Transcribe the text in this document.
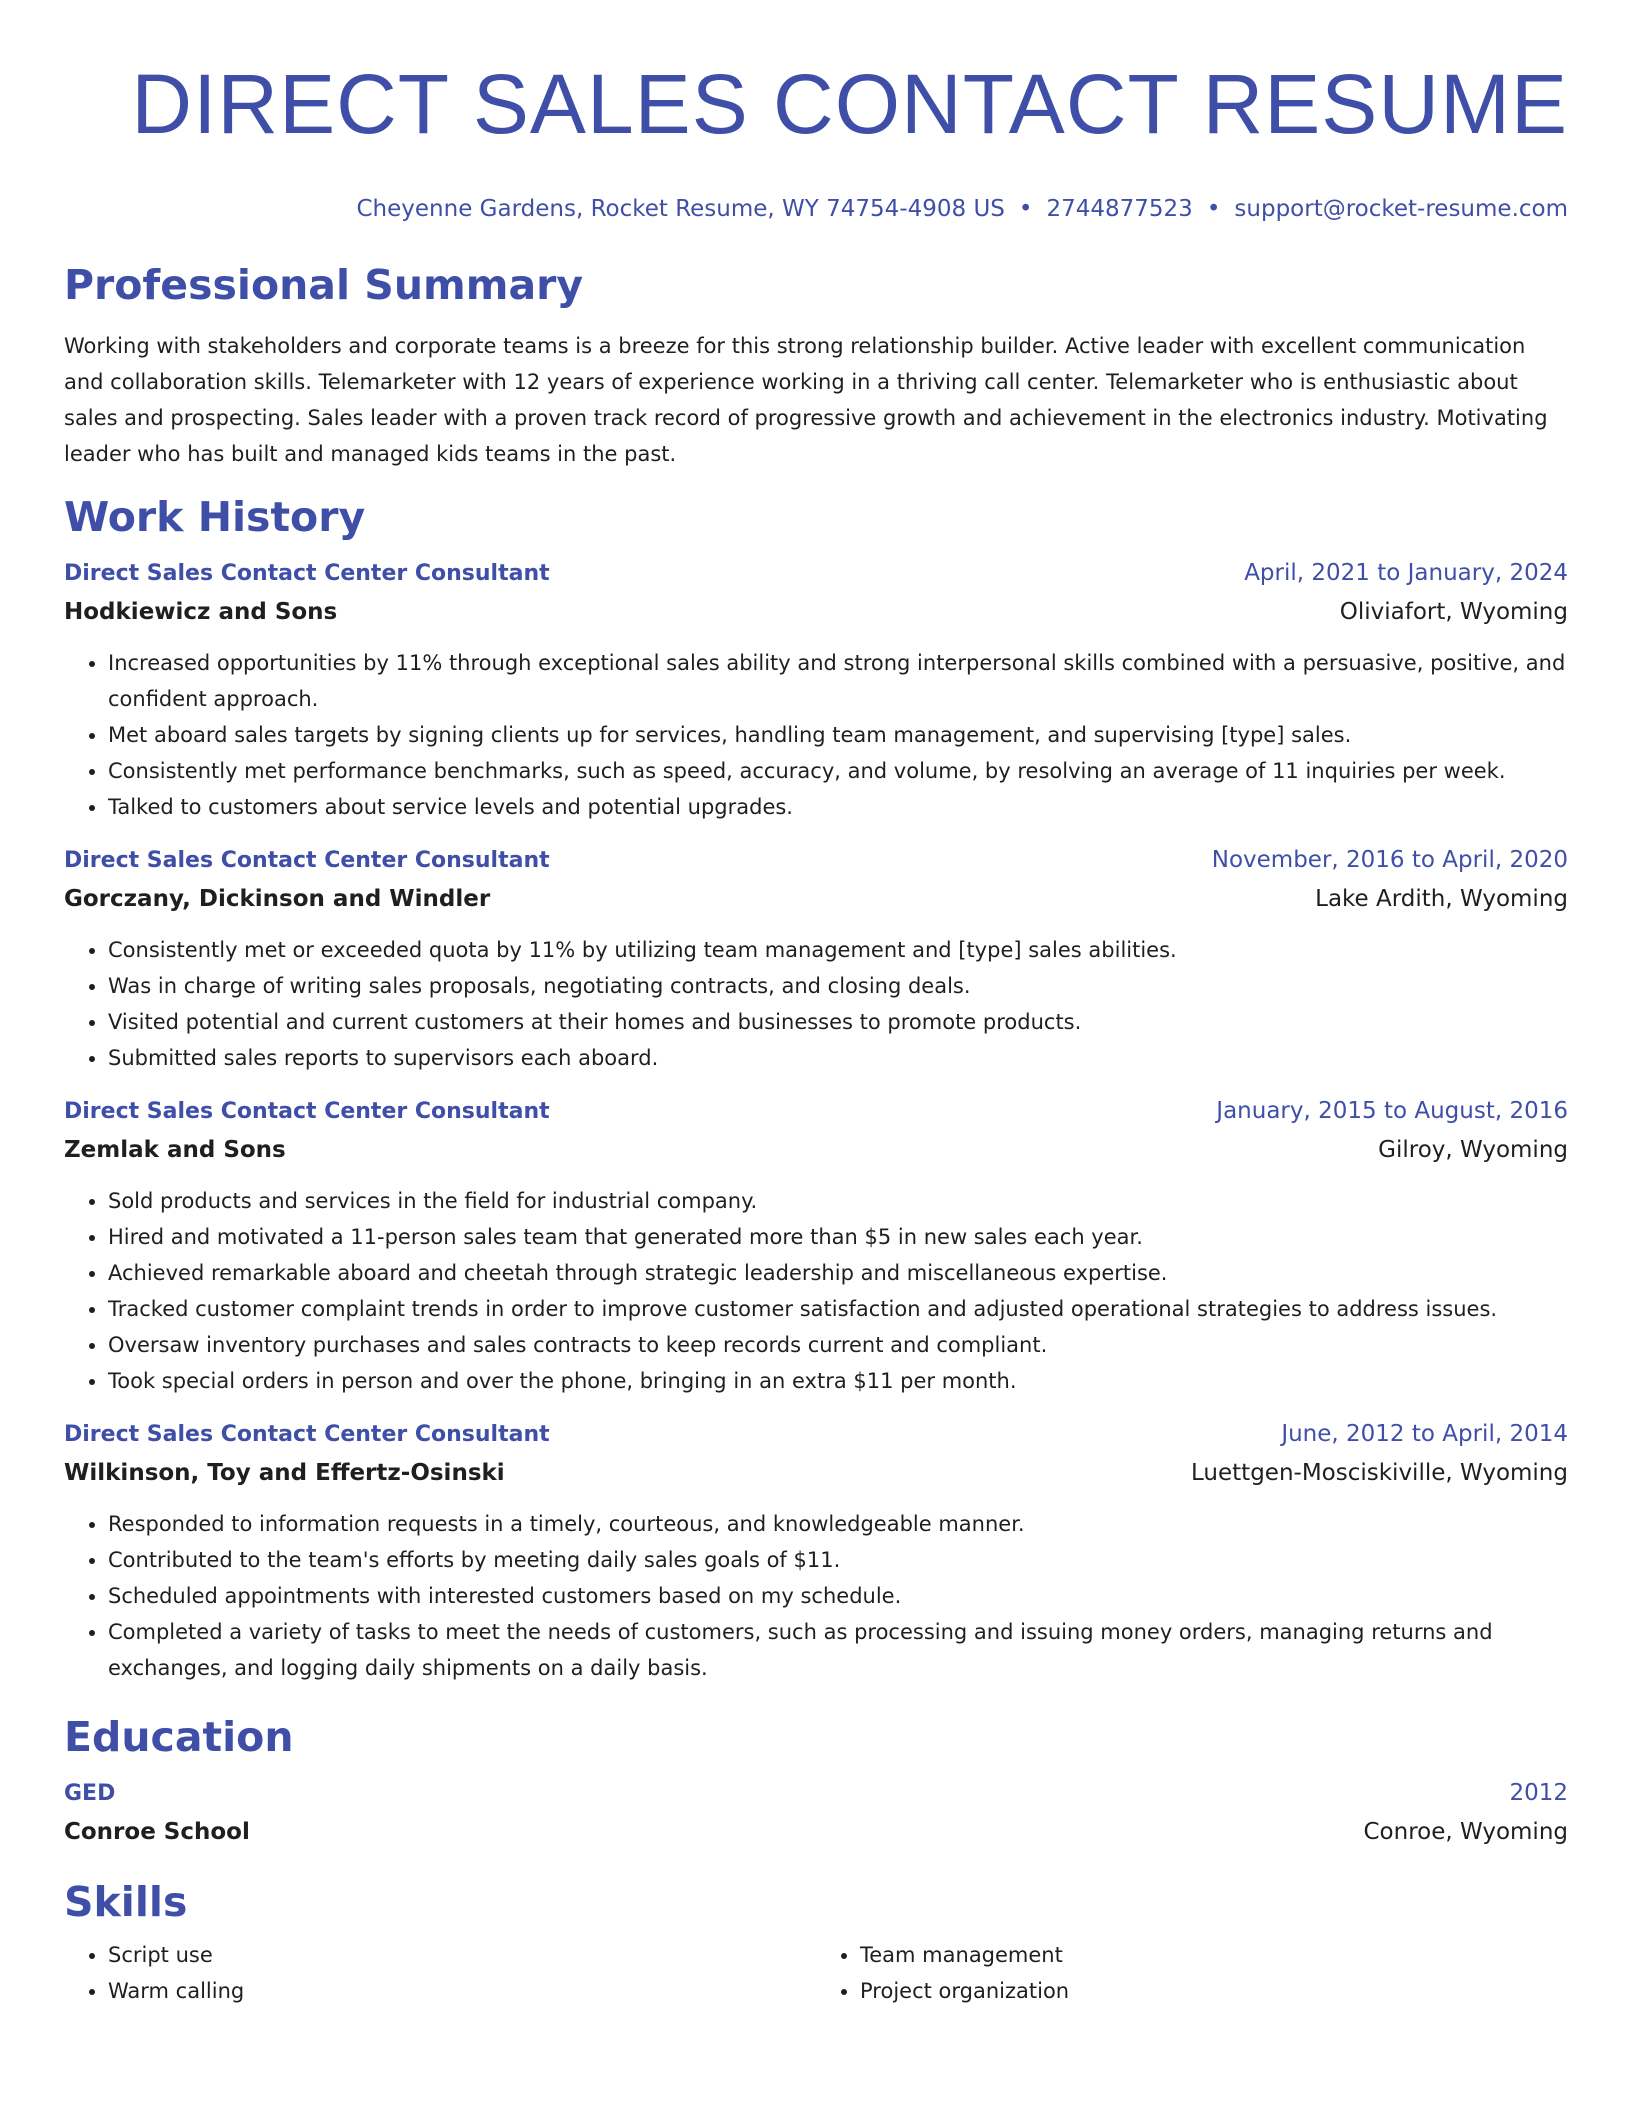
DIRECT SALES CONTACT RESUME
Cheyenne Gardens, Rocket Resume, WY 74754-4908 US • 2744877523 • support@rocket-resume.com
Professional Summary

Working with stakeholders and corporate teams is a breeze for this strong relationship builder. Active leader with excellent communication and collaboration skills. Telemarketer with 12 years of experience working in a thriving call center. Telemarketer who is enthusiastic about sales and prospecting. Sales leader with a proven track record of progressive growth and achievement in the electronics industry. Motivating leader who has built and managed kids teams in the past.

Work History
Direct Sales Contact Center Consultant	April, 2021 to January, 2024
Hodkiewicz and Sons	Oliviafort, Wyoming
• Increased opportunities by 11% through exceptional sales ability and strong interpersonal skills combined with a persuasive, positive, and confident approach.
• Met aboard sales targets by signing clients up for services, handling team management, and supervising [type] sales.
• Consistently met performance benchmarks, such as speed, accuracy, and volume, by resolving an average of 11 inquiries per week.
• Talked to customers about service levels and potential upgrades.
Direct Sales Contact Center Consultant	November, 2016 to April, 2020
Gorczany, Dickinson and Windler	Lake Ardith, Wyoming
• Consistently met or exceeded quota by 11% by utilizing team management and [type] sales abilities.
• Was in charge of writing sales proposals, negotiating contracts, and closing deals.
• Visited potential and current customers at their homes and businesses to promote products.
• Submitted sales reports to supervisors each aboard.
Direct Sales Contact Center Consultant	January, 2015 to August, 2016
Zemlak and Sons	Gilroy, Wyoming
• Sold products and services in the field for industrial company.
• Hired and motivated a 11-person sales team that generated more than $5 in new sales each year.
• Achieved remarkable aboard and cheetah through strategic leadership and miscellaneous expertise.
• Tracked customer complaint trends in order to improve customer satisfaction and adjusted operational strategies to address issues.
• Oversaw inventory purchases and sales contracts to keep records current and compliant.
• Took special orders in person and over the phone, bringing in an extra $11 per month.
Direct Sales Contact Center Consultant	June, 2012 to April, 2014
Wilkinson, Toy and Effertz-Osinski	Luettgen-Mosciskiville, Wyoming
• Responded to information requests in a timely, courteous, and knowledgeable manner.
• Contributed to the team's efforts by meeting daily sales goals of $11.
• Scheduled appointments with interested customers based on my schedule.
• Completed a variety of tasks to meet the needs of customers, such as processing and issuing money orders, managing returns and exchanges, and logging daily shipments on a daily basis.
Education
GED	2012
Conroe School	Conroe, Wyoming
Skills
• Script use
• Warm calling
• Team management
• Project organization
